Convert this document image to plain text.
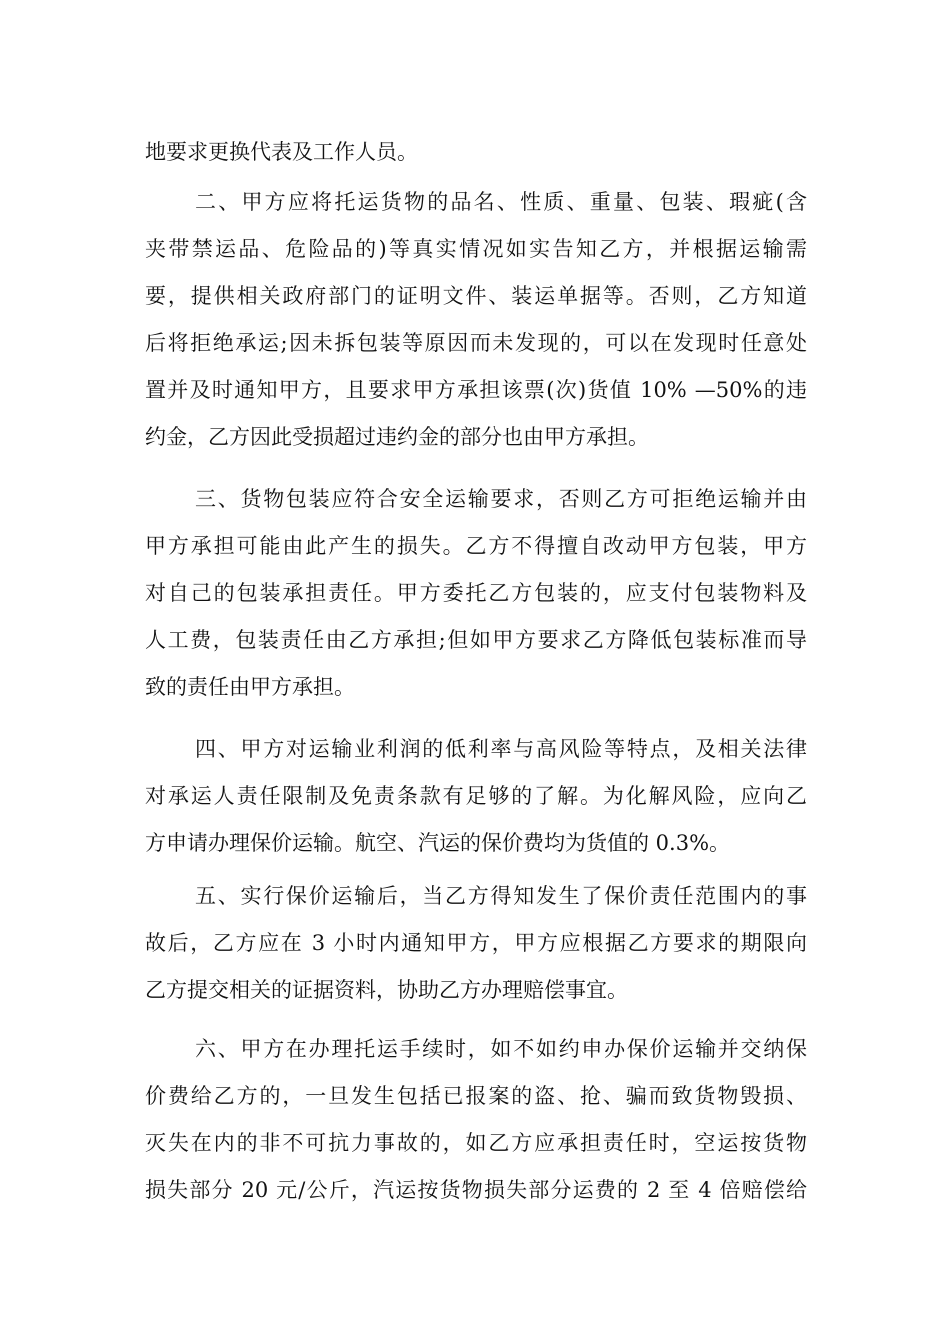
地要求更换代表及工作人员。
二、甲方应将托运货物的品名、性质、重量、包装、瑕疵(含
夹带禁运品、危险品的)等真实情况如实告知乙方，并根据运输需
要，提供相关政府部门的证明文件、装运单据等。否则，乙方知道
后将拒绝承运;因未拆包装等原因而未发现的，可以在发现时任意处
置并及时通知甲方，且要求甲方承担该票(次)货值 10% —50%的违
约金，乙方因此受损超过违约金的部分也由甲方承担。
三、货物包装应符合安全运输要求，否则乙方可拒绝运输并由
甲方承担可能由此产生的损失。乙方不得擅自改动甲方包装，甲方
对自己的包装承担责任。甲方委托乙方包装的，应支付包装物料及
人工费，包装责任由乙方承担;但如甲方要求乙方降低包装标准而导
致的责任由甲方承担。
四、甲方对运输业利润的低利率与高风险等特点，及相关法律
对承运人责任限制及免责条款有足够的了解。为化解风险，应向乙
方申请办理保价运输。航空、汽运的保价费均为货值的 0.3%。
五、实行保价运输后，当乙方得知发生了保价责任范围内的事
故后，乙方应在 3 小时内通知甲方，甲方应根据乙方要求的期限向
乙方提交相关的证据资料，协助乙方办理赔偿事宜。
六、甲方在办理托运手续时，如不如约申办保价运输并交纳保
价费给乙方的，一旦发生包括已报案的盗、抢、骗而致货物毁损、
灭失在内的非不可抗力事故的，如乙方应承担责任时，空运按货物
损失部分 20 元/公斤，汽运按货物损失部分运费的 2 至 4 倍赔偿给
